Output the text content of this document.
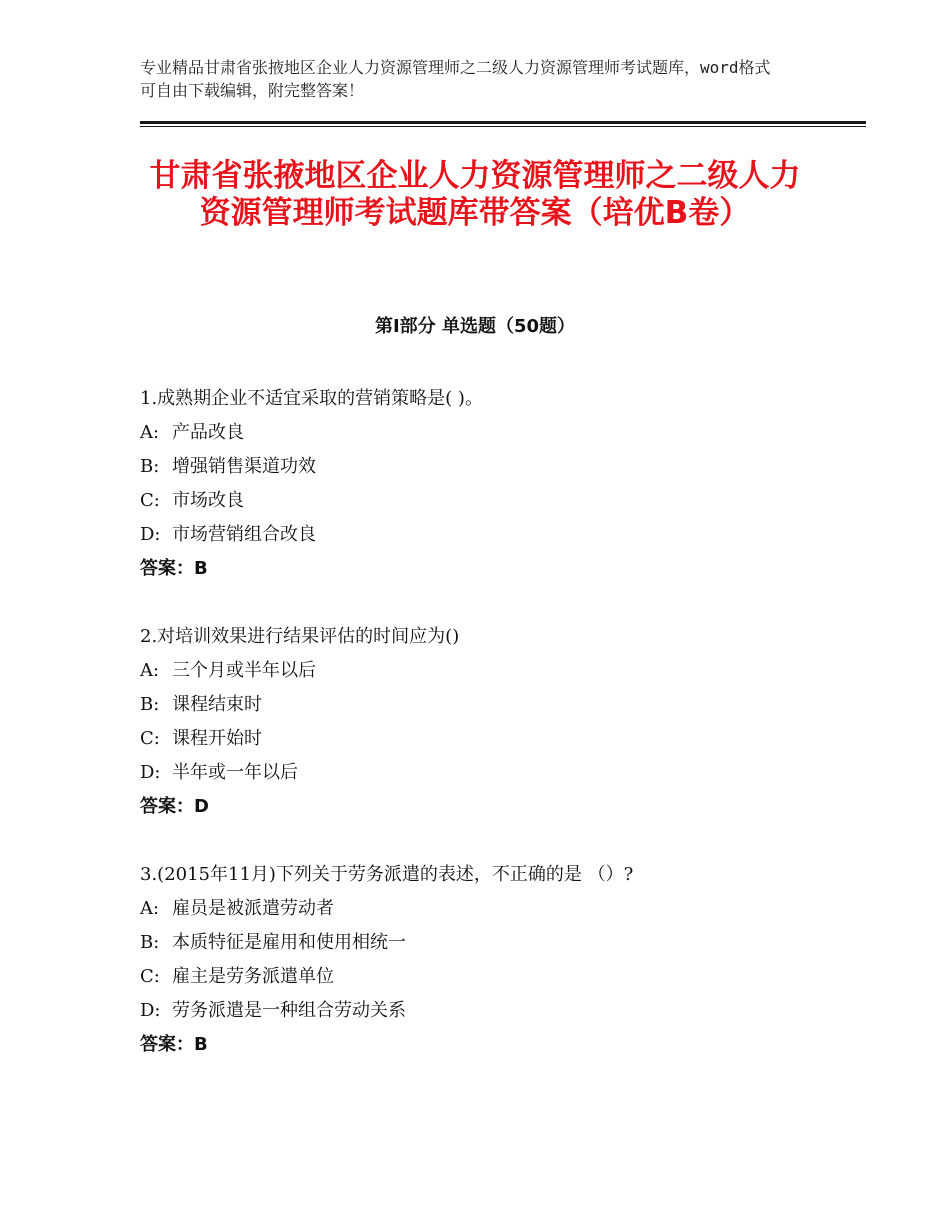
专业精品甘肃省张掖地区企业人力资源管理师之二级人力资源管理师考试题库，word格式可自由下载编辑，附完整答案！
甘肃省张掖地区企业人力资源管理师之二级人力资源管理师考试题库带答案（培优B卷）
第Ⅰ部分 单选题（50题）
1.成熟期企业不适宜采取的营销策略是( )。
A: 产品改良
B: 增强销售渠道功效
C: 市场改良
D: 市场营销组合改良
答案：B
2.对培训效果进行结果评估的时间应为()
A: 三个月或半年以后
B: 课程结束时
C: 课程开始时
D: 半年或一年以后
答案：D
3.(2015年11月)下列关于劳务派遣的表述，不正确的是 （）?
A: 雇员是被派遣劳动者
B: 本质特征是雇用和使用相统一
C: 雇主是劳务派遣单位
D: 劳务派遣是一种组合劳动关系
答案：B
